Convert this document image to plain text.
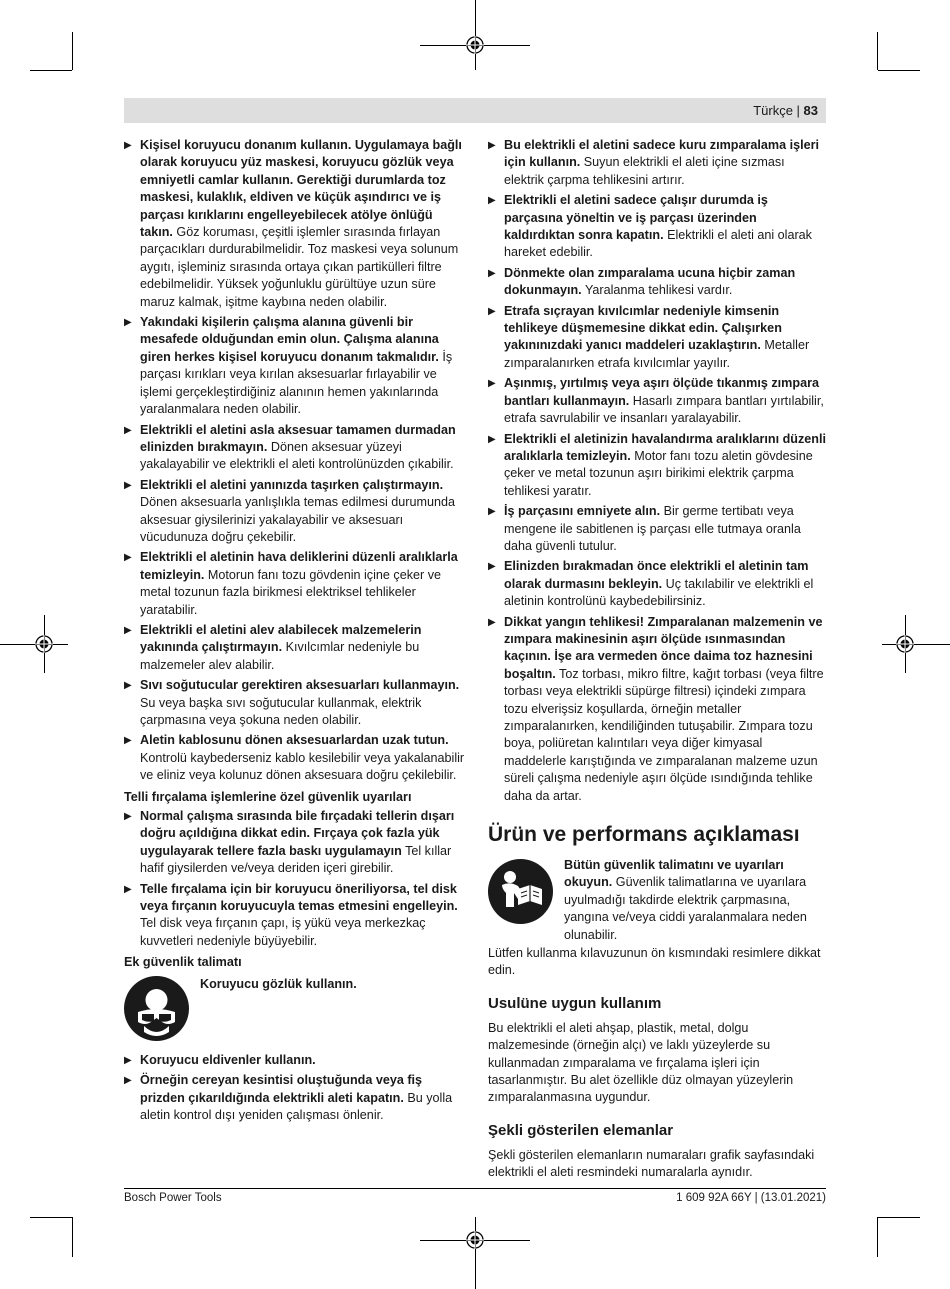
Türkçe | 83
▶ Kişisel koruyucu donanım kullanın. Uygulamaya bağlı olarak koruyucu yüz maskesi, koruyucu gözlük veya emniyetli camlar kullanın. Gerektiği durumlarda toz maskesi, kulaklık, eldiven ve küçük aşındırıcı ve iş parçası kırıklarını engelleyebilecek atölye önlüğü takın. Göz koruması, çeşitli işlemler sırasında fırlayan parçacıkları durdurabilmelidir. Toz maskesi veya solunum aygıtı, işleminiz sırasında ortaya çıkan partikülleri filtre edebilmelidir. Yüksek yoğunluklu gürültüye uzun süre maruz kalmak, işitme kaybına neden olabilir.
▶ Yakındaki kişilerin çalışma alanına güvenli bir mesafede olduğundan emin olun. Çalışma alanına giren herkes kişisel koruyucu donanım takmalıdır. İş parçası kırıkları veya kırılan aksesuarlar fırlayabilir ve işlemi gerçekleştirdiğiniz alanının hemen yakınlarında yaralanmalara neden olabilir.
▶ Elektrikli el aletini asla aksesuar tamamen durmadan elinizden bırakmayın. Dönen aksesuar yüzeyi yakalayabilir ve elektrikli el aleti kontrolünüzden çıkabilir.
▶ Elektrikli el aletini yanınızda taşırken çalıştırmayın. Dönen aksesuarla yanlışlıkla temas edilmesi durumunda aksesuar giysilerinizi yakalayabilir ve aksesuarı vücudunuza doğru çekebilir.
▶ Elektrikli el aletinin hava deliklerini düzenli aralıklarla temizleyin. Motorun fanı tozu gövdenin içine çeker ve metal tozunun fazla birikmesi elektriksel tehlikeler yaratabilir.
▶ Elektrikli el aletini alev alabilecek malzemelerin yakınında çalıştırmayın. Kıvılcımlar nedeniyle bu malzemeler alev alabilir.
▶ Sıvı soğutucular gerektiren aksesuarları kullanmayın. Su veya başka sıvı soğutucular kullanmak, elektrik çarpmasına veya şokuna neden olabilir.
▶ Aletin kablosunu dönen aksesuarlardan uzak tutun. Kontrolü kaybederseniz kablo kesilebilir veya yakalanabilir ve eliniz veya kolunuz dönen aksesuara doğru çekilebilir.
Telli fırçalama işlemlerine özel güvenlik uyarıları
▶ Normal çalışma sırasında bile fırçadaki tellerin dışarı doğru açıldığına dikkat edin. Fırçaya çok fazla yük uygulayarak tellere fazla baskı uygulamayın Tel kıllar hafif giysilerden ve/veya deriden içeri girebilir.
▶ Telle fırçalama için bir koruyucu öneriliyorsa, tel disk veya fırçanın koruyucuyla temas etmesini engelleyin. Tel disk veya fırçanın çapı, iş yükü veya merkezkaç kuvvetleri nedeniyle büyüyebilir.
Ek güvenlik talimatı
Koruyucu gözlük kullanın.
▶ Koruyucu eldivenler kullanın.
▶ Örneğin cereyan kesintisi oluştuğunda veya fiş prizden çıkarıldığında elektrikli aleti kapatın. Bu yolla aletin kontrol dışı yeniden çalışması önlenir.
▶ Bu elektrikli el aletini sadece kuru zımparalama işleri için kullanın. Suyun elektrikli el aleti içine sızması elektrik çarpma tehlikesini artırır.
▶ Elektrikli el aletini sadece çalışır durumda iş parçasına yöneltin ve iş parçası üzerinden kaldırdıktan sonra kapatın. Elektrikli el aleti ani olarak hareket edebilir.
▶ Dönmekte olan zımparalama ucuna hiçbir zaman dokunmayın. Yaralanma tehlikesi vardır.
▶ Etrafa sıçrayan kıvılcımlar nedeniyle kimsenin tehlikeye düşmemesine dikkat edin. Çalışırken yakınınızdaki yanıcı maddeleri uzaklaştırın. Metaller zımparalanırken etrafa kıvılcımlar yayılır.
▶ Aşınmış, yırtılmış veya aşırı ölçüde tıkanmış zımpara bantları kullanmayın. Hasarlı zımpara bantları yırtılabilir, etrafa savrulabilir ve insanları yaralayabilir.
▶ Elektrikli el aletinizin havalandırma aralıklarını düzenli aralıklarla temizleyin. Motor fanı tozu aletin gövdesine çeker ve metal tozunun aşırı birikimi elektrik çarpma tehlikesi yaratır.
▶ İş parçasını emniyete alın. Bir germe tertibatı veya mengene ile sabitlenen iş parçası elle tutmaya oranla daha güvenli tutulur.
▶ Elinizden bırakmadan önce elektrikli el aletinin tam olarak durmasını bekleyin. Uç takılabilir ve elektrikli el aletinin kontrolünü kaybedebilirsiniz.
▶ Dikkat yangın tehlikesi! Zımparalanan malzemenin ve zımpara makinesinin aşırı ölçüde ısınmasından kaçının. İşe ara vermeden önce daima toz haznesini boşaltın. Toz torbası, mikro filtre, kağıt torbası (veya filtre torbası veya elektrikli süpürge filtresi) içindeki zımpara tozu elverişsiz koşullarda, örneğin metaller zımparalanırken, kendiliğinden tutuşabilir. Zımpara tozu boya, poliüretan kalıntıları veya diğer kimyasal maddelerle karıştığında ve zımparalanan malzeme uzun süreli çalışma nedeniyle aşırı ölçüde ısındığında tehlike daha da artar.
Ürün ve performans açıklaması
Bütün güvenlik talimatını ve uyarıları okuyun. Güvenlik talimatlarına ve uyarılara uyulmadığı takdirde elektrik çarpmasına, yangına ve/veya ciddi yaralanmalara neden olunabilir.
Lütfen kullanma kılavuzunun ön kısmındaki resimlere dikkat edin.
Usulüne uygun kullanım
Bu elektrikli el aleti ahşap, plastik, metal, dolgu malzemesinde (örneğin alçı) ve laklı yüzeylerde su kullanmadan zımparalama ve fırçalama işleri için tasarlanmıştır. Bu alet özellikle düz olmayan yüzeylerin zımparalanmasına uygundur.
Şekli gösterilen elemanlar
Şekli gösterilen elemanların numaraları grafik sayfasındaki elektrikli el aleti resmindeki numaralarla aynıdır.
Bosch Power Tools	1 609 92A 66Y | (13.01.2021)
